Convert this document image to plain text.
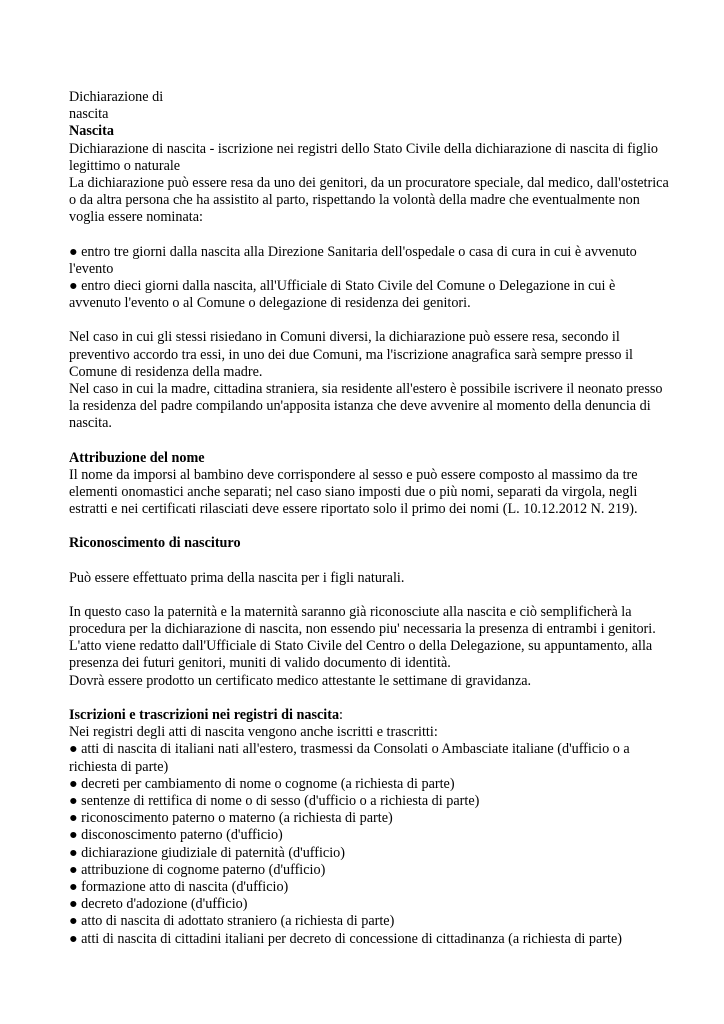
Dichiarazione di
nascita

Nascita

Dichiarazione di nascita - iscrizione nei registri dello Stato Civile della dichiarazione di nascita di figlio legittimo o naturale

La dichiarazione può essere resa da uno dei genitori, da un procuratore speciale, dal medico, dall'ostetrica o da altra persona che ha assistito al parto, rispettando la volontà della madre che eventualmente non voglia essere nominata:

● entro tre giorni dalla nascita alla Direzione Sanitaria dell'ospedale o casa di cura in cui è avvenuto l'evento

● entro dieci giorni dalla nascita, all'Ufficiale di Stato Civile del Comune o Delegazione in cui è avvenuto l'evento o al Comune o delegazione di residenza dei genitori.

Nel caso in cui gli stessi risiedano in Comuni diversi, la dichiarazione può essere resa, secondo il preventivo accordo tra essi, in uno dei due Comuni, ma l'iscrizione anagrafica sarà sempre presso il Comune di residenza della madre.

Nel caso in cui la madre, cittadina straniera, sia residente all'estero è possibile iscrivere il neonato presso la residenza del padre compilando un'apposita istanza che deve avvenire al momento della denuncia di nascita.

Attribuzione del nome

Il nome da imporsi al bambino deve corrispondere al sesso e può essere composto al massimo da tre elementi onomastici anche separati; nel caso siano imposti due o più nomi, separati da virgola, negli estratti e nei certificati rilasciati deve essere riportato solo il primo dei nomi (L. 10.12.2012 N. 219).

Riconoscimento di nascituro

Può essere effettuato prima della nascita per i figli naturali.

In questo caso la paternità e la maternità saranno già riconosciute alla nascita e ciò semplificherà la procedura per la dichiarazione di nascita, non essendo piu' necessaria la presenza di entrambi i genitori.

L'atto viene redatto dall'Ufficiale di Stato Civile del Centro o della Delegazione, su appuntamento, alla presenza dei futuri genitori, muniti di valido documento di identità.

Dovrà essere prodotto un certificato medico attestante le settimane di gravidanza.

Iscrizioni e trascrizioni nei registri di nascita:

Nei registri degli atti di nascita vengono anche iscritti e trascritti:

● atti di nascita di italiani nati all'estero, trasmessi da Consolati o Ambasciate italiane (d'ufficio o a richiesta di parte)

● decreti per cambiamento di nome o cognome (a richiesta di parte)

● sentenze di rettifica di nome o di sesso (d'ufficio o a richiesta di parte)

● riconoscimento paterno o materno (a richiesta di parte)

● disconoscimento paterno (d'ufficio)

● dichiarazione giudiziale di paternità (d'ufficio)

● attribuzione di cognome paterno (d'ufficio)

● formazione atto di nascita (d'ufficio)

● decreto d'adozione (d'ufficio)

● atto di nascita di adottato straniero (a richiesta di parte)

● atti di nascita di cittadini italiani per decreto di concessione di cittadinanza (a richiesta di parte)
